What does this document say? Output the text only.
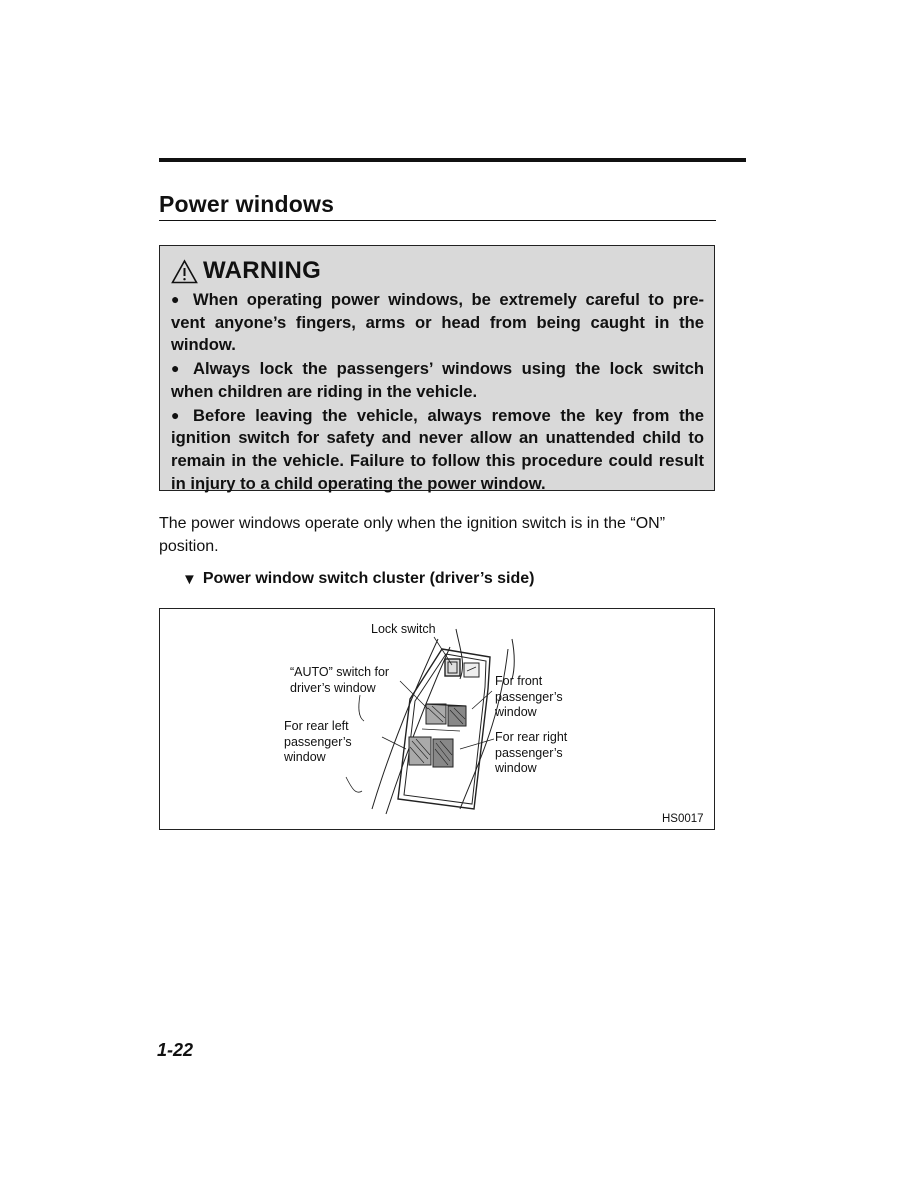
Power windows
WARNING

● When operating power windows, be extremely careful to pre-vent anyone’s fingers, arms or head from being caught in the window.

● Always lock the passengers’ windows using the lock switch when children are riding in the vehicle.

● Before leaving the vehicle, always remove the key from the ignition switch for safety and never allow an unattended child to remain in the vehicle. Failure to follow this procedure could result in injury to a child operating the power window.

The power windows operate only when the ignition switch is in the “ON” position.

▼ Power window switch cluster (driver’s side)
Lock switch
“AUTO” switch for driver’s window
For rear left passenger’s window
For front passenger’s window
For rear right passenger’s window
HS0017
1-22
